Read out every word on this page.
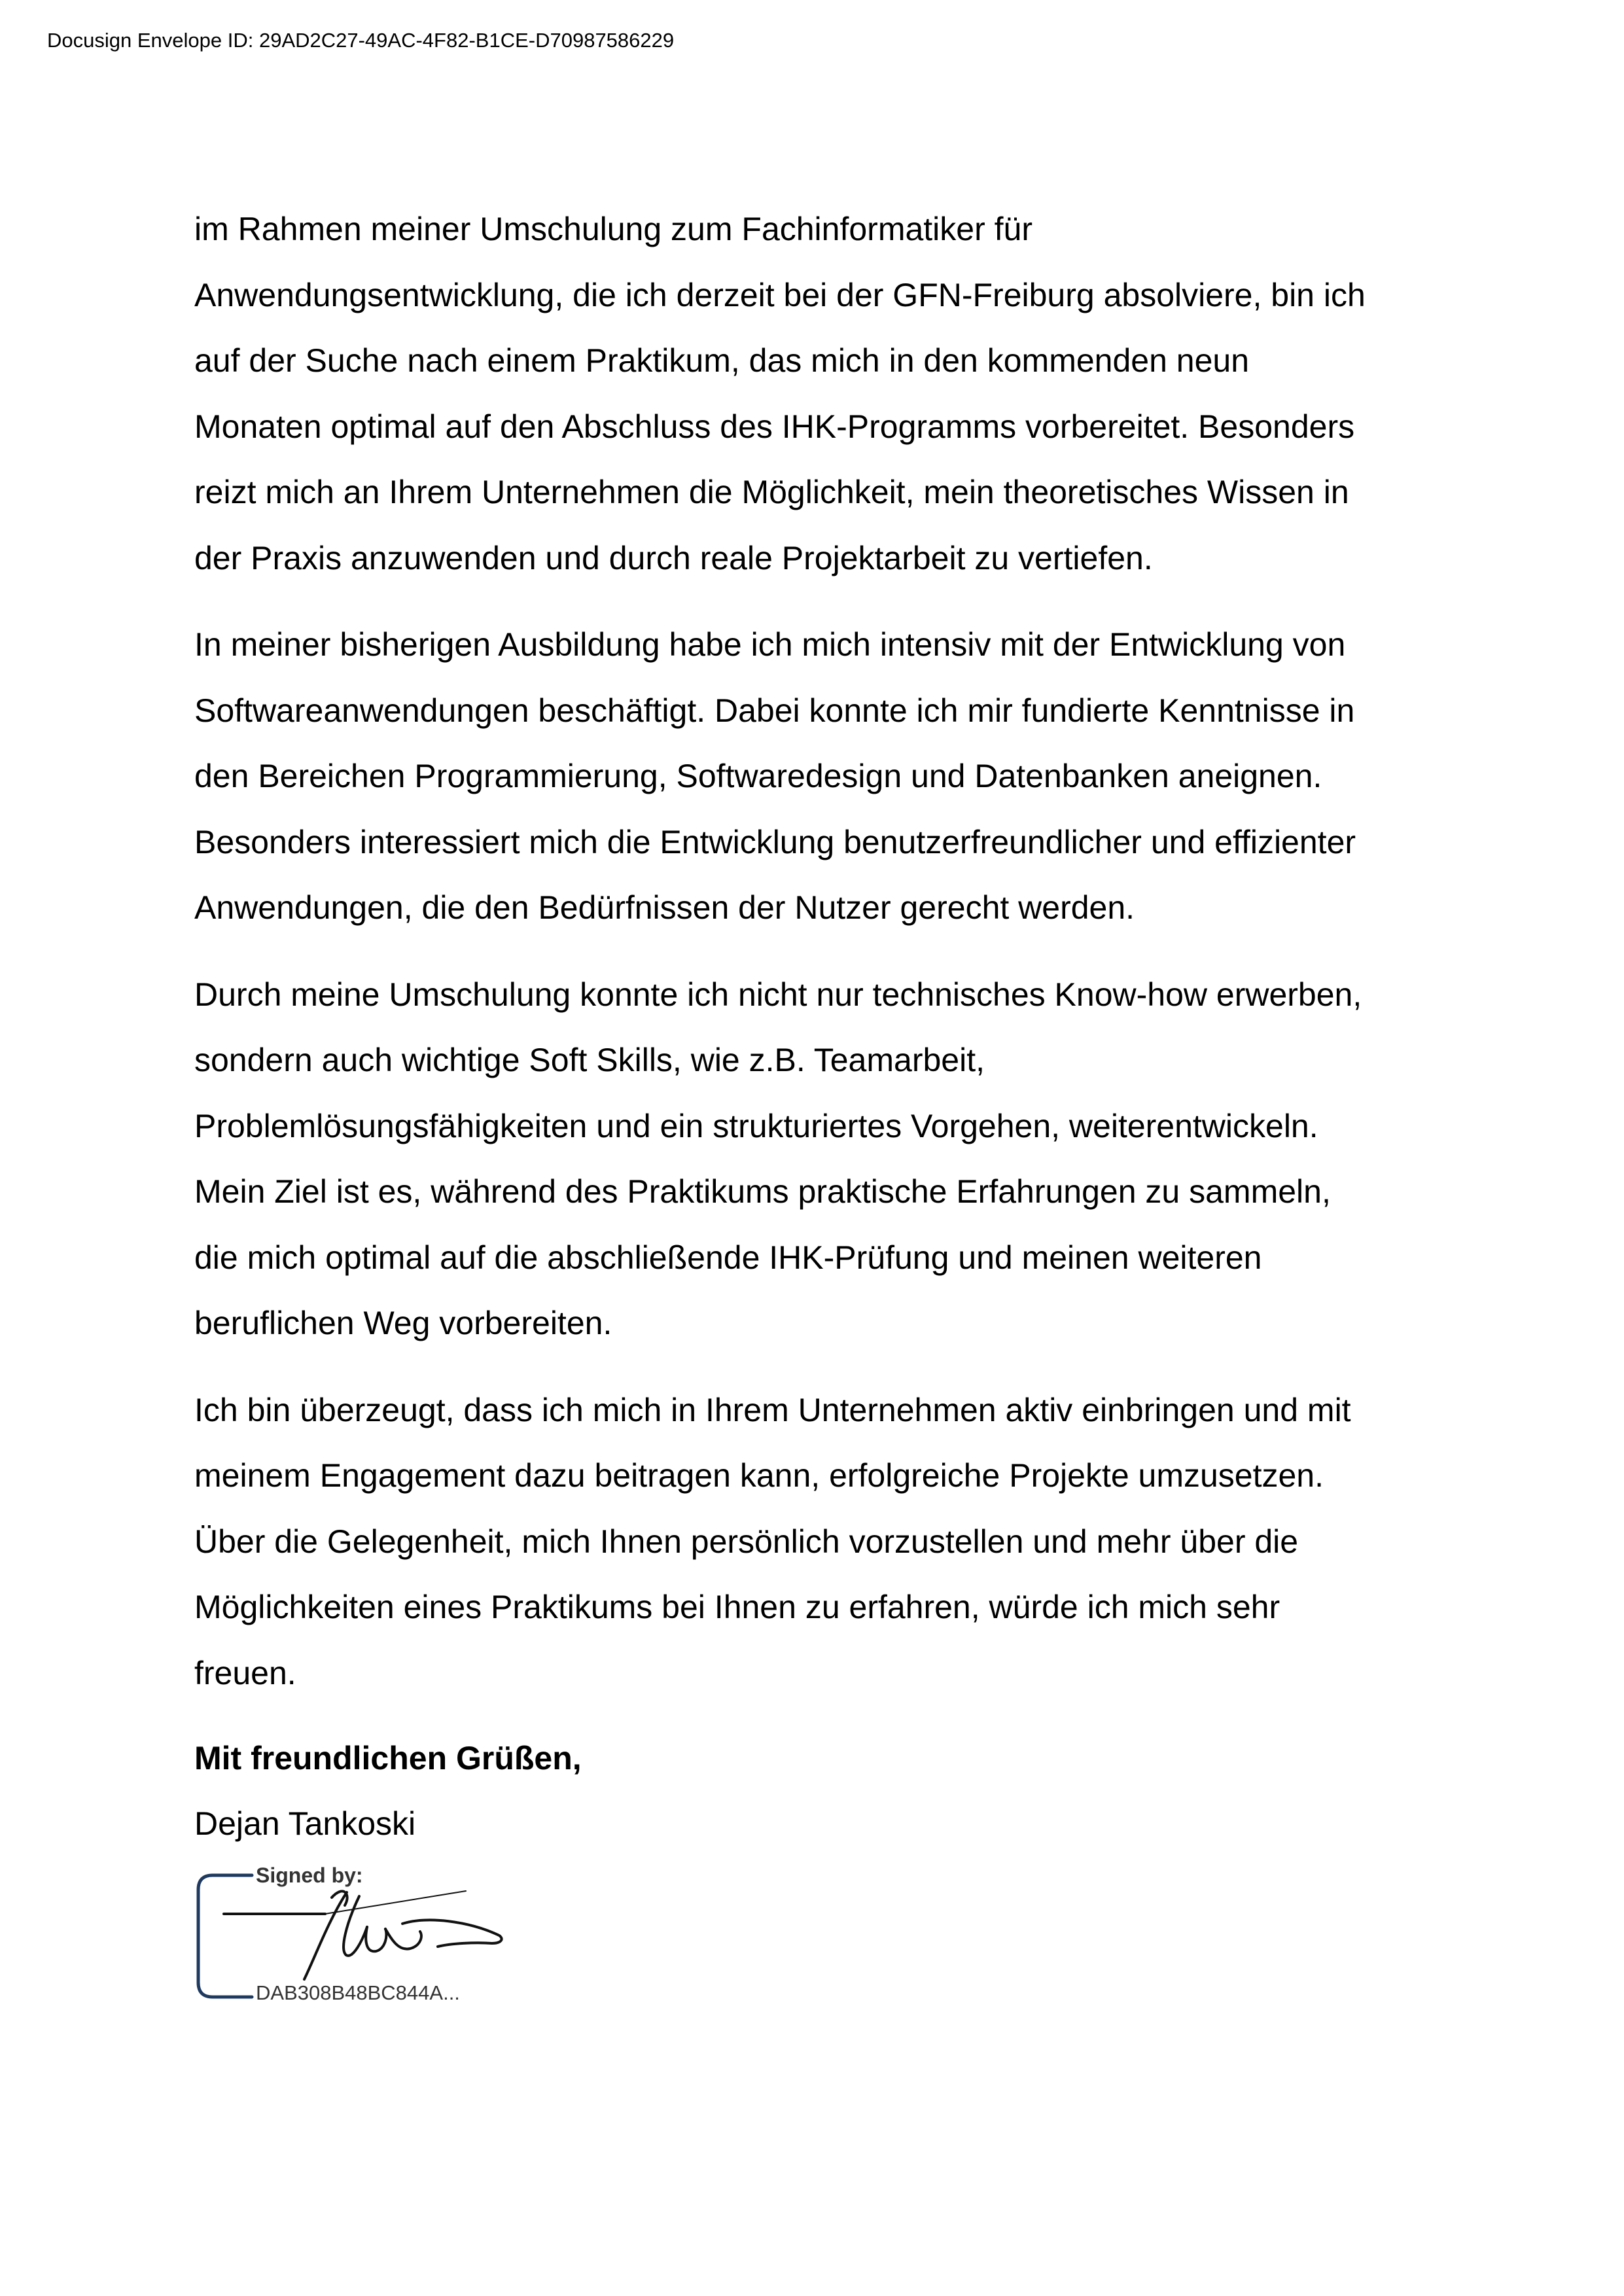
Docusign Envelope ID: 29AD2C27-49AC-4F82-B1CE-D70987586229
im Rahmen meiner Umschulung zum Fachinformatiker für
Anwendungsentwicklung, die ich derzeit bei der GFN-Freiburg absolviere, bin ich
auf der Suche nach einem Praktikum, das mich in den kommenden neun
Monaten optimal auf den Abschluss des IHK-Programms vorbereitet. Besonders
reizt mich an Ihrem Unternehmen die Möglichkeit, mein theoretisches Wissen in
der Praxis anzuwenden und durch reale Projektarbeit zu vertiefen.
In meiner bisherigen Ausbildung habe ich mich intensiv mit der Entwicklung von
Softwareanwendungen beschäftigt. Dabei konnte ich mir fundierte Kenntnisse in
den Bereichen Programmierung, Softwaredesign und Datenbanken aneignen.
Besonders interessiert mich die Entwicklung benutzerfreundlicher und effizienter
Anwendungen, die den Bedürfnissen der Nutzer gerecht werden.
Durch meine Umschulung konnte ich nicht nur technisches Know-how erwerben,
sondern auch wichtige Soft Skills, wie z.B. Teamarbeit,
Problemlösungsfähigkeiten und ein strukturiertes Vorgehen, weiterentwickeln.
Mein Ziel ist es, während des Praktikums praktische Erfahrungen zu sammeln,
die mich optimal auf die abschließende IHK-Prüfung und meinen weiteren
beruflichen Weg vorbereiten.
Ich bin überzeugt, dass ich mich in Ihrem Unternehmen aktiv einbringen und mit
meinem Engagement dazu beitragen kann, erfolgreiche Projekte umzusetzen.
Über die Gelegenheit, mich Ihnen persönlich vorzustellen und mehr über die
Möglichkeiten eines Praktikums bei Ihnen zu erfahren, würde ich mich sehr
freuen.
Mit freundlichen Grüßen,
Dejan Tankoski
Signed by:
DAB308B48BC844A...
